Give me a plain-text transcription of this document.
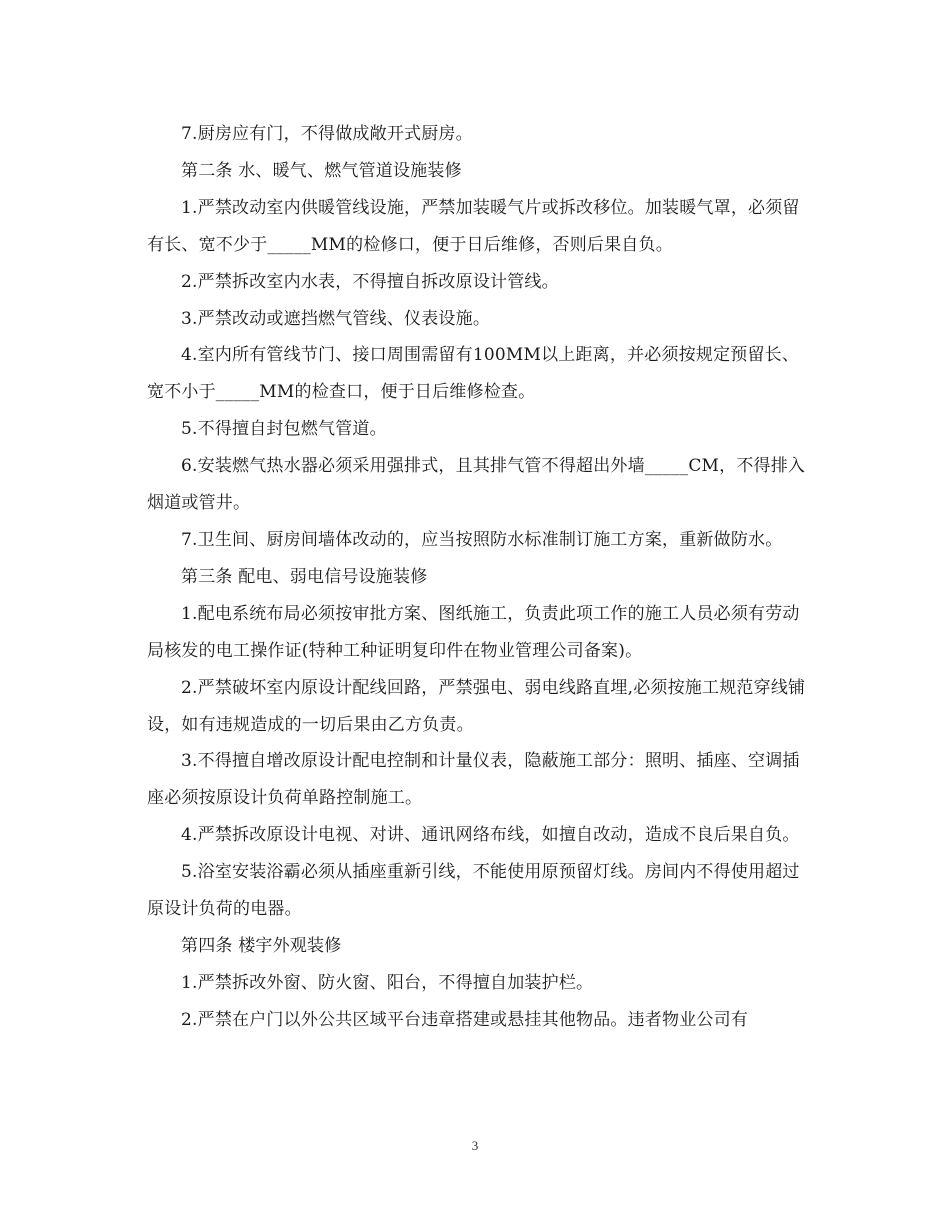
7.厨房应有门，不得做成敞开式厨房。

第二条 水、暖气、燃气管道设施装修

1.严禁改动室内供暖管线设施，严禁加装暖气片或拆改移位。加装暖气罩，必须留有长、宽不少于_____MM的检修口，便于日后维修，否则后果自负。

2.严禁拆改室内水表，不得擅自拆改原设计管线。

3.严禁改动或遮挡燃气管线、仪表设施。

4.室内所有管线节门、接口周围需留有100MM以上距离，并必须按规定预留长、宽不小于_____MM的检查口，便于日后维修检查。

5.不得擅自封包燃气管道。

6.安装燃气热水器必须采用强排式，且其排气管不得超出外墙_____CM，不得排入烟道或管井。

7.卫生间、厨房间墙体改动的，应当按照防水标准制订施工方案，重新做防水。

第三条 配电、弱电信号设施装修

1.配电系统布局必须按审批方案、图纸施工，负责此项工作的施工人员必须有劳动局核发的电工操作证(特种工种证明复印件在物业管理公司备案)。

2.严禁破坏室内原设计配线回路，严禁强电、弱电线路直埋,必须按施工规范穿线铺设，如有违规造成的一切后果由乙方负责。

3.不得擅自增改原设计配电控制和计量仪表，隐蔽施工部分：照明、插座、空调插座必须按原设计负荷单路控制施工。

4.严禁拆改原设计电视、对讲、通讯网络布线，如擅自改动，造成不良后果自负。

5.浴室安装浴霸必须从插座重新引线，不能使用原预留灯线。房间内不得使用超过原设计负荷的电器。

第四条 楼宇外观装修

1.严禁拆改外窗、防火窗、阳台，不得擅自加装护栏。

2.严禁在户门以外公共区域平台违章搭建或悬挂其他物品。违者物业公司有

3
